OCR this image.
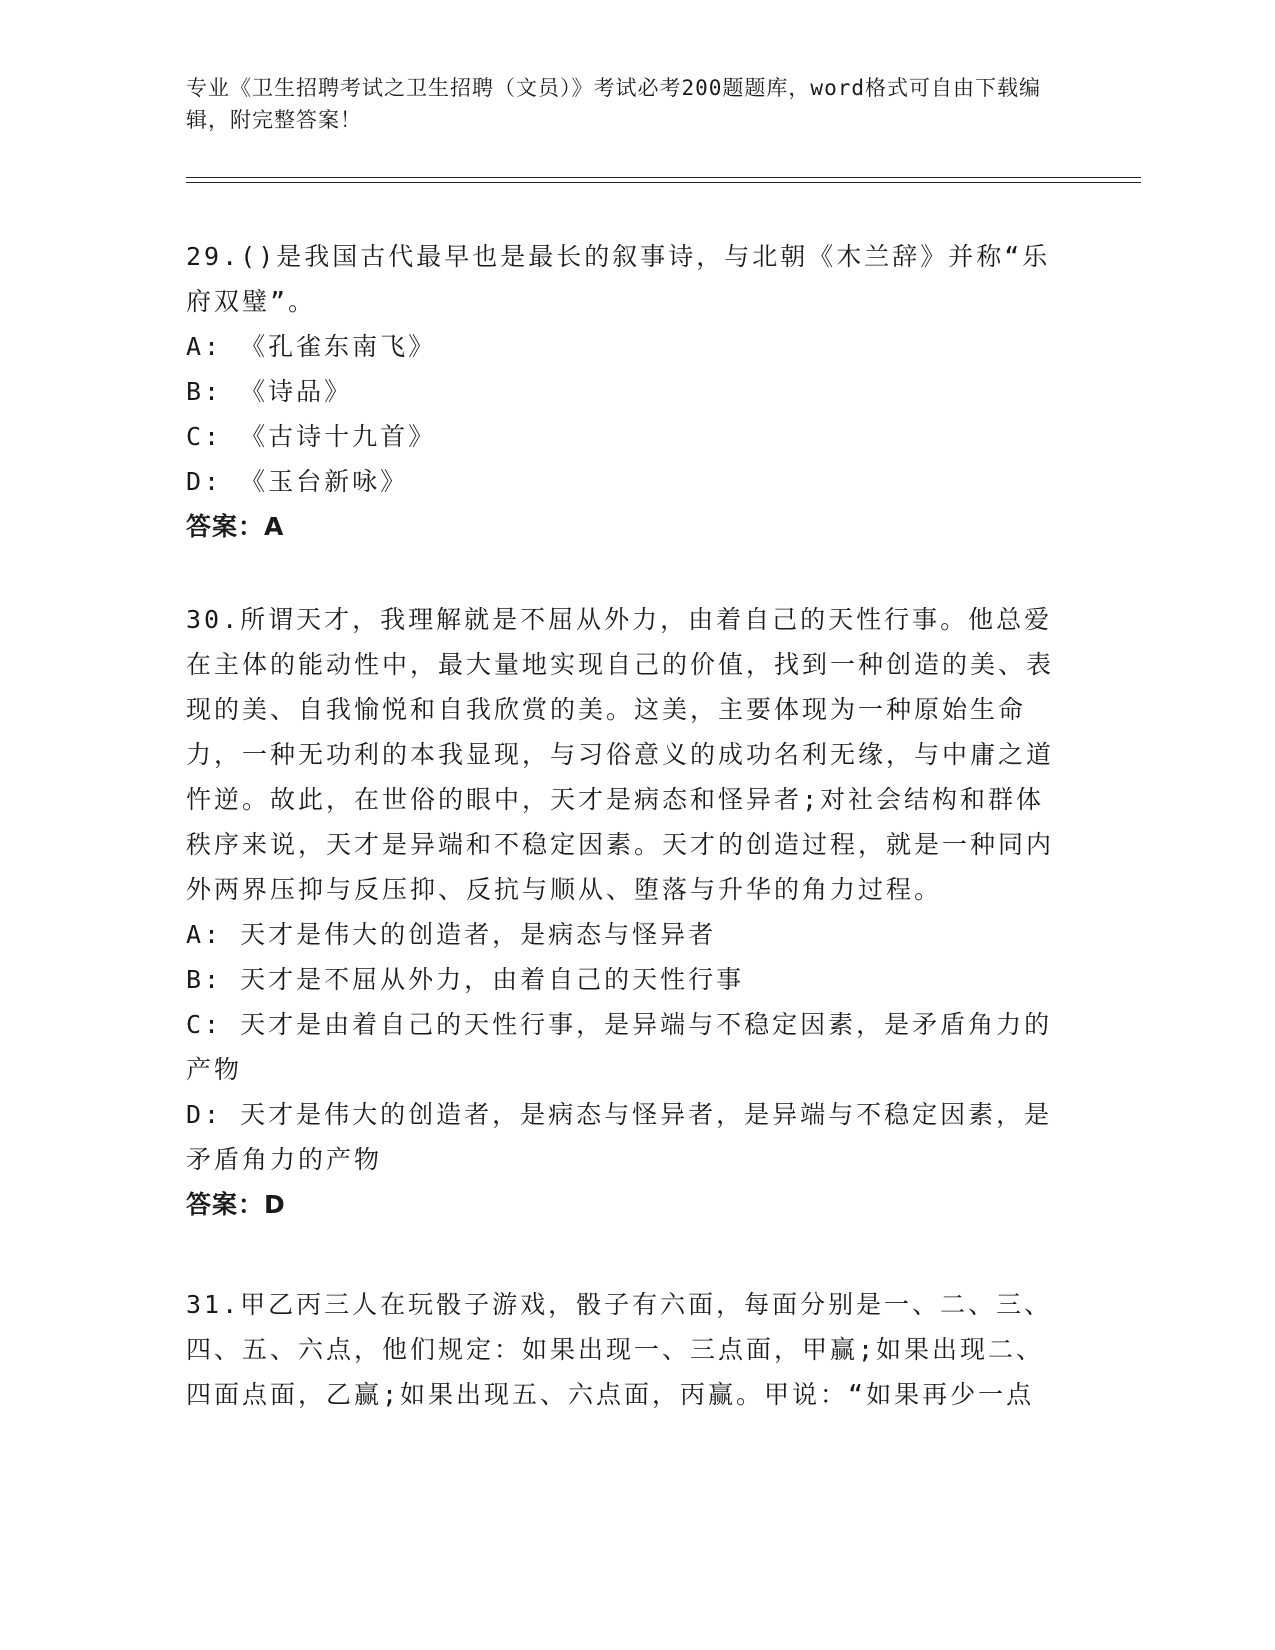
专业《卫生招聘考试之卫生招聘（文员）》考试必考200题题库，word格式可自由下载编辑，附完整答案！

29.()是我国古代最早也是最长的叙事诗，与北朝《木兰辞》并称“乐府双璧”。

A: 《孔雀东南飞》

B: 《诗品》

C: 《古诗十九首》

D: 《玉台新咏》

答案：A

30.所谓天才，我理解就是不屈从外力，由着自己的天性行事。他总爱在主体的能动性中，最大量地实现自己的价值，找到一种创造的美、表现的美、自我愉悦和自我欣赏的美。这美，主要体现为一种原始生命力，一种无功利的本我显现，与习俗意义的成功名利无缘，与中庸之道忤逆。故此，在世俗的眼中，天才是病态和怪异者;对社会结构和群体秩序来说，天才是异端和不稳定因素。天才的创造过程，就是一种同内外两界压抑与反压抑、反抗与顺从、堕落与升华的角力过程。

A: 天才是伟大的创造者，是病态与怪异者

B: 天才是不屈从外力，由着自己的天性行事

C: 天才是由着自己的天性行事，是异端与不稳定因素，是矛盾角力的产物

D: 天才是伟大的创造者，是病态与怪异者，是异端与不稳定因素，是矛盾角力的产物

答案：D

31.甲乙丙三人在玩骰子游戏，骰子有六面，每面分别是一、二、三、四、五、六点，他们规定：如果出现一、三点面，甲赢;如果出现二、四面点面，乙赢;如果出现五、六点面，丙赢。甲说：“如果再少一点
